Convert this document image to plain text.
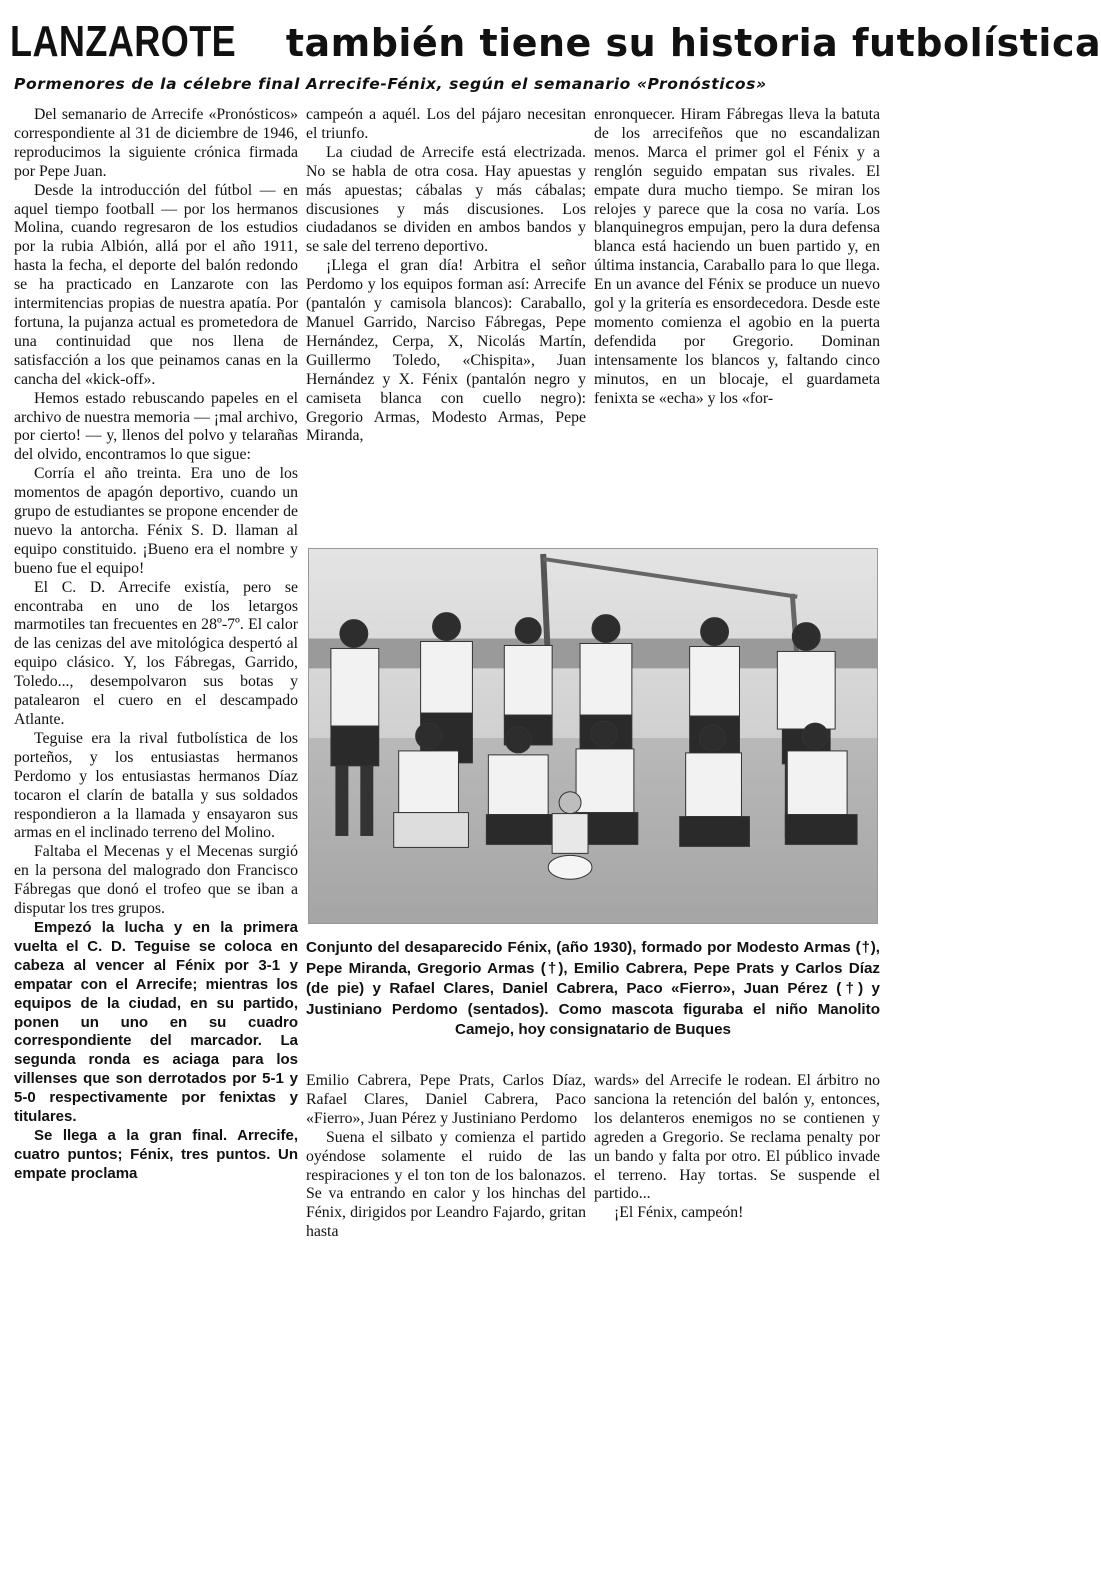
LANZAROTE también tiene su historia futbolística
Pormenores de la célebre final Arrecife-Fénix, según el semanario «Pronósticos»

Del semanario de Arrecife «Pronósticos» correspondiente al 31 de diciembre de 1946, reproducimos la siguiente crónica firmada por Pepe Juan.

Desde la introducción del fútbol — en aquel tiempo football — por los hermanos Molina, cuando regresaron de los estudios por la rubia Albión, allá por el año 1911, hasta la fecha, el deporte del balón redondo se ha practicado en Lanzarote con las intermitencias propias de nuestra apatía. Por fortuna, la pujanza actual es prometedora de una continuidad que nos llena de satisfacción a los que peinamos canas en la cancha del «kick-off».

Hemos estado rebuscando papeles en el archivo de nuestra memoria — ¡mal archivo, por cierto! — y, llenos del polvo y telarañas del olvido, encontramos lo que sigue:

Corría el año treinta. Era uno de los momentos de apagón deportivo, cuando un grupo de estudiantes se propone encender de nuevo la antorcha. Fénix S. D. llaman al equipo constituido. ¡Bueno era el nombre y bueno fue el equipo!

El C. D. Arrecife existía, pero se encontraba en uno de los letargos marmotiles tan frecuentes en 28º-7º. El calor de las cenizas del ave mitológica despertó al equipo clásico. Y, los Fábregas, Garrido, Toledo..., desempolvaron sus botas y patalearon el cuero en el descampado Atlante.

Teguise era la rival futbolística de los porteños, y los entusiastas hermanos Perdomo y los entusiastas hermanos Díaz tocaron el clarín de batalla y sus soldados respondieron a la llamada y ensayaron sus armas en el inclinado terreno del Molino.

Faltaba el Mecenas y el Mecenas surgió en la persona del malogrado don Francisco Fábregas que donó el trofeo que se iban a disputar los tres grupos.

Empezó la lucha y en la primera vuelta el C. D. Teguise se coloca en cabeza al vencer al Fénix por 3-1 y empatar con el Arrecife; mientras los equipos de la ciudad, en su partido, ponen un uno en su cuadro correspondiente del marcador. La segunda ronda es aciaga para los villenses que son derrotados por 5-1 y 5-0 respectivamente por fenixtas y titulares.

Se llega a la gran final. Arrecife, cuatro puntos; Fénix, tres puntos. Un empate proclama

campeón a aquél. Los del pájaro necesitan el triunfo.

La ciudad de Arrecife está electrizada. No se habla de otra cosa. Hay apuestas y más apuestas; cábalas y más cábalas; discusiones y más discusiones. Los ciudadanos se dividen en ambos bandos y se sale del terreno deportivo.

¡Llega el gran día! Arbitra el señor Perdomo y los equipos forman así: Arrecife (pantalón y camisola blancos): Caraballo, Manuel Garrido, Narciso Fábregas, Pepe Hernández, Cerpa, X, Nicolás Martín, Guillermo Toledo, «Chispita», Juan Hernández y X. Fénix (pantalón negro y camiseta blanca con cuello negro): Gregorio Armas, Modesto Armas, Pepe Miranda,

enronquecer. Hiram Fábregas lleva la batuta de los arrecifeños que no escandalizan menos. Marca el primer gol el Fénix y a renglón seguido empatan sus rivales. El empate dura mucho tiempo. Se miran los relojes y parece que la cosa no varía. Los blanquinegros empujan, pero la dura defensa blanca está haciendo un buen partido y, en última instancia, Caraballo para lo que llega. En un avance del Fénix se produce un nuevo gol y la gritería es ensordecedora. Desde este momento comienza el agobio en la puerta defendida por Gregorio. Dominan intensamente los blancos y, faltando cinco minutos, en un blocaje, el guardameta fenixta se «echa» y los «for-

Conjunto del desaparecido Fénix, (año 1930), formado por Modesto Armas (†), Pepe Miranda, Gregorio Armas (†), Emilio Cabrera, Pepe Prats y Carlos Díaz (de pie) y Rafael Clares, Daniel Cabrera, Paco «Fierro», Juan Pérez (†) y Justiniano Perdomo (sentados). Como mascota figuraba el niño Manolito Camejo, hoy consignatario de Buques

Emilio Cabrera, Pepe Prats, Carlos Díaz, Rafael Clares, Daniel Cabrera, Paco «Fierro», Juan Pérez y Justiniano Perdomo

Suena el silbato y comienza el partido oyéndose solamente el ruido de las respiraciones y el ton ton de los balonazos. Se va entrando en calor y los hinchas del Fénix, dirigidos por Leandro Fajardo, gritan hasta

wards» del Arrecife le rodean. El árbitro no sanciona la retención del balón y, entonces, los delanteros enemigos no se contienen y agreden a Gregorio. Se reclama penalty por un bando y falta por otro. El público invade el terreno. Hay tortas. Se suspende el partido...

¡El Fénix, campeón!
